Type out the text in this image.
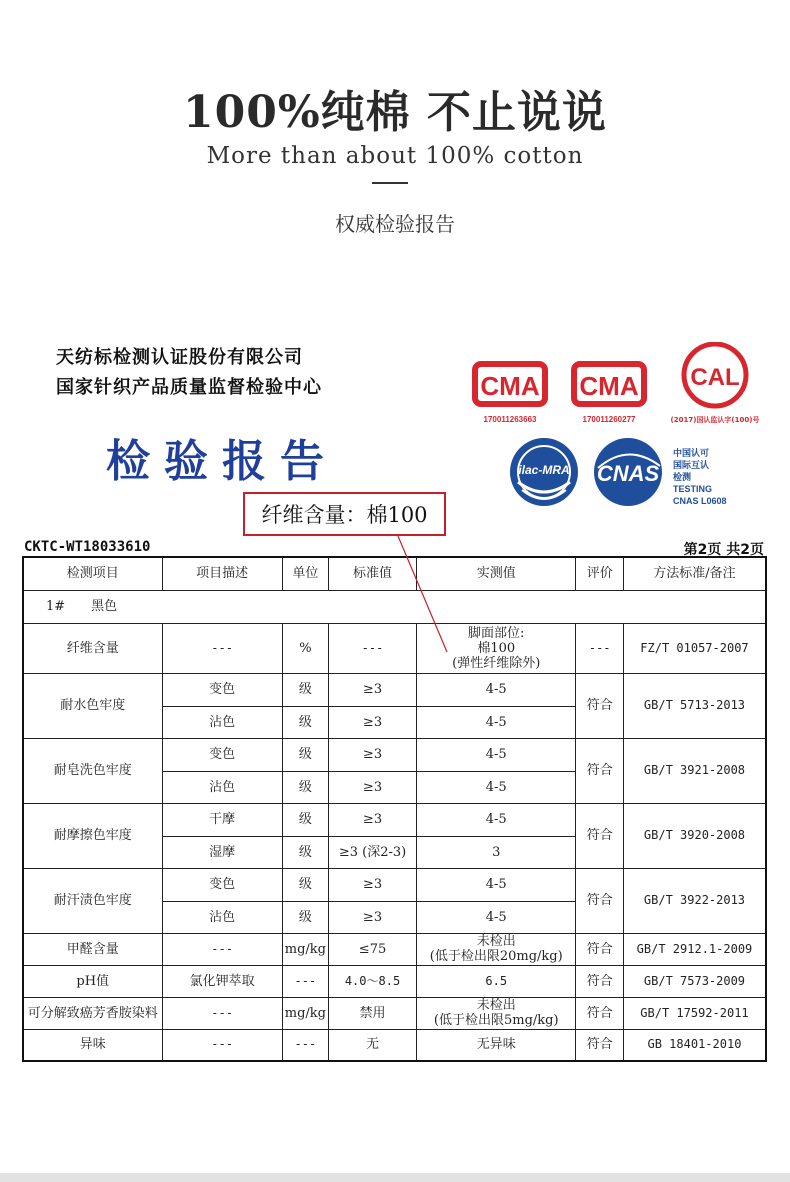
100%纯棉 不止说说
More than about 100% cotton
权威检验报告
天纺标检测认证股份有限公司
国家针织产品质量监督检验中心
检验报告
CMA
170011263663
CMA
170011260277
CAL
(2017)国认监认字(100)号
ilac-MRA CNAS
中国认可
国际互认
检测
TESTING
CNAS L0608
CKTC-WT18033610	第2页 共2页
检测项目	项目描述	单位	标准值	实测值	评价	方法标准/备注
1# 黑色						
纤维含量	---	%	---	脚面部位:
棉100
(弹性纤维除外)	---	FZ/T 01057-2007
耐水色牢度	变色	级	≥3	4-5	符合	GB/T 5713-2013
	沾色	级	≥3	4-5		
耐皂洗色牢度	变色	级	≥3	4-5	符合	GB/T 3921-2008
	沾色	级	≥3	4-5		
耐摩擦色牢度	干摩	级	≥3	4-5	符合	GB/T 3920-2008
	湿摩	级	≥3 (深2-3)	3		
耐汗渍色牢度	变色	级	≥3	4-5	符合	GB/T 3922-2013
	沾色	级	≥3	4-5		
甲醛含量	---	mg/kg	≤75	未检出
(低于检出限20mg/kg)	符合	GB/T 2912.1-2009
pH值	氯化钾萃取	---	4.0～8.5	6.5	符合	GB/T 7573-2009
可分解致癌芳香胺染料	---	mg/kg	禁用	未检出
(低于检出限5mg/kg)	符合	GB/T 17592-2011
异味	---	---	无	无异味	符合	GB 18401-2010
纤维含量：棉100
